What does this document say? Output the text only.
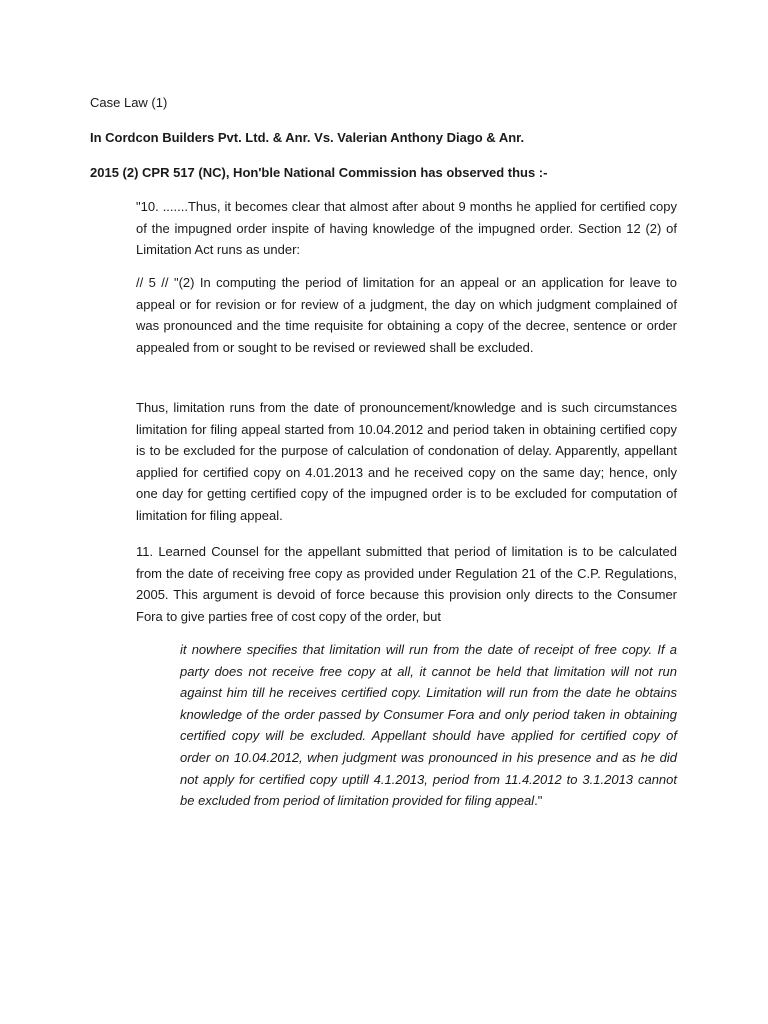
Case Law (1)
In Cordcon Builders Pvt. Ltd. & Anr. Vs. Valerian Anthony Diago & Anr.
2015 (2) CPR 517 (NC), Hon'ble National Commission has observed thus :-

"10. .......Thus, it becomes clear that almost after about 9 months he applied for certified copy of the impugned order inspite of having knowledge of the impugned order. Section 12 (2) of Limitation Act runs as under:

// 5 // "(2) In computing the period of limitation for an appeal or an application for leave to appeal or for revision or for review of a judgment, the day on which judgment complained of was pronounced and the time requisite for obtaining a copy of the decree, sentence or order appealed from or sought to be revised or reviewed shall be excluded.

Thus, limitation runs from the date of pronouncement/knowledge and is such circumstances limitation for filing appeal started from 10.04.2012 and period taken in obtaining certified copy is to be excluded for the purpose of calculation of condonation of delay. Apparently, appellant applied for certified copy on 4.01.2013 and he received copy on the same day; hence, only one day for getting certified copy of the impugned order is to be excluded for computation of limitation for filing appeal.

11. Learned Counsel for the appellant submitted that period of limitation is to be calculated from the date of receiving free copy as provided under Regulation 21 of the C.P. Regulations, 2005. This argument is devoid of force because this provision only directs to the Consumer Fora to give parties free of cost copy of the order, but

it nowhere specifies that limitation will run from the date of receipt of free copy. If a party does not receive free copy at all, it cannot be held that limitation will not run against him till he receives certified copy. Limitation will run from the date he obtains knowledge of the order passed by Consumer Fora and only period taken in obtaining certified copy will be excluded. Appellant should have applied for certified copy of order on 10.04.2012, when judgment was pronounced in his presence and as he did not apply for certified copy uptill 4.1.2013, period from 11.4.2012 to 3.1.2013 cannot be excluded from period of limitation provided for filing appeal."
